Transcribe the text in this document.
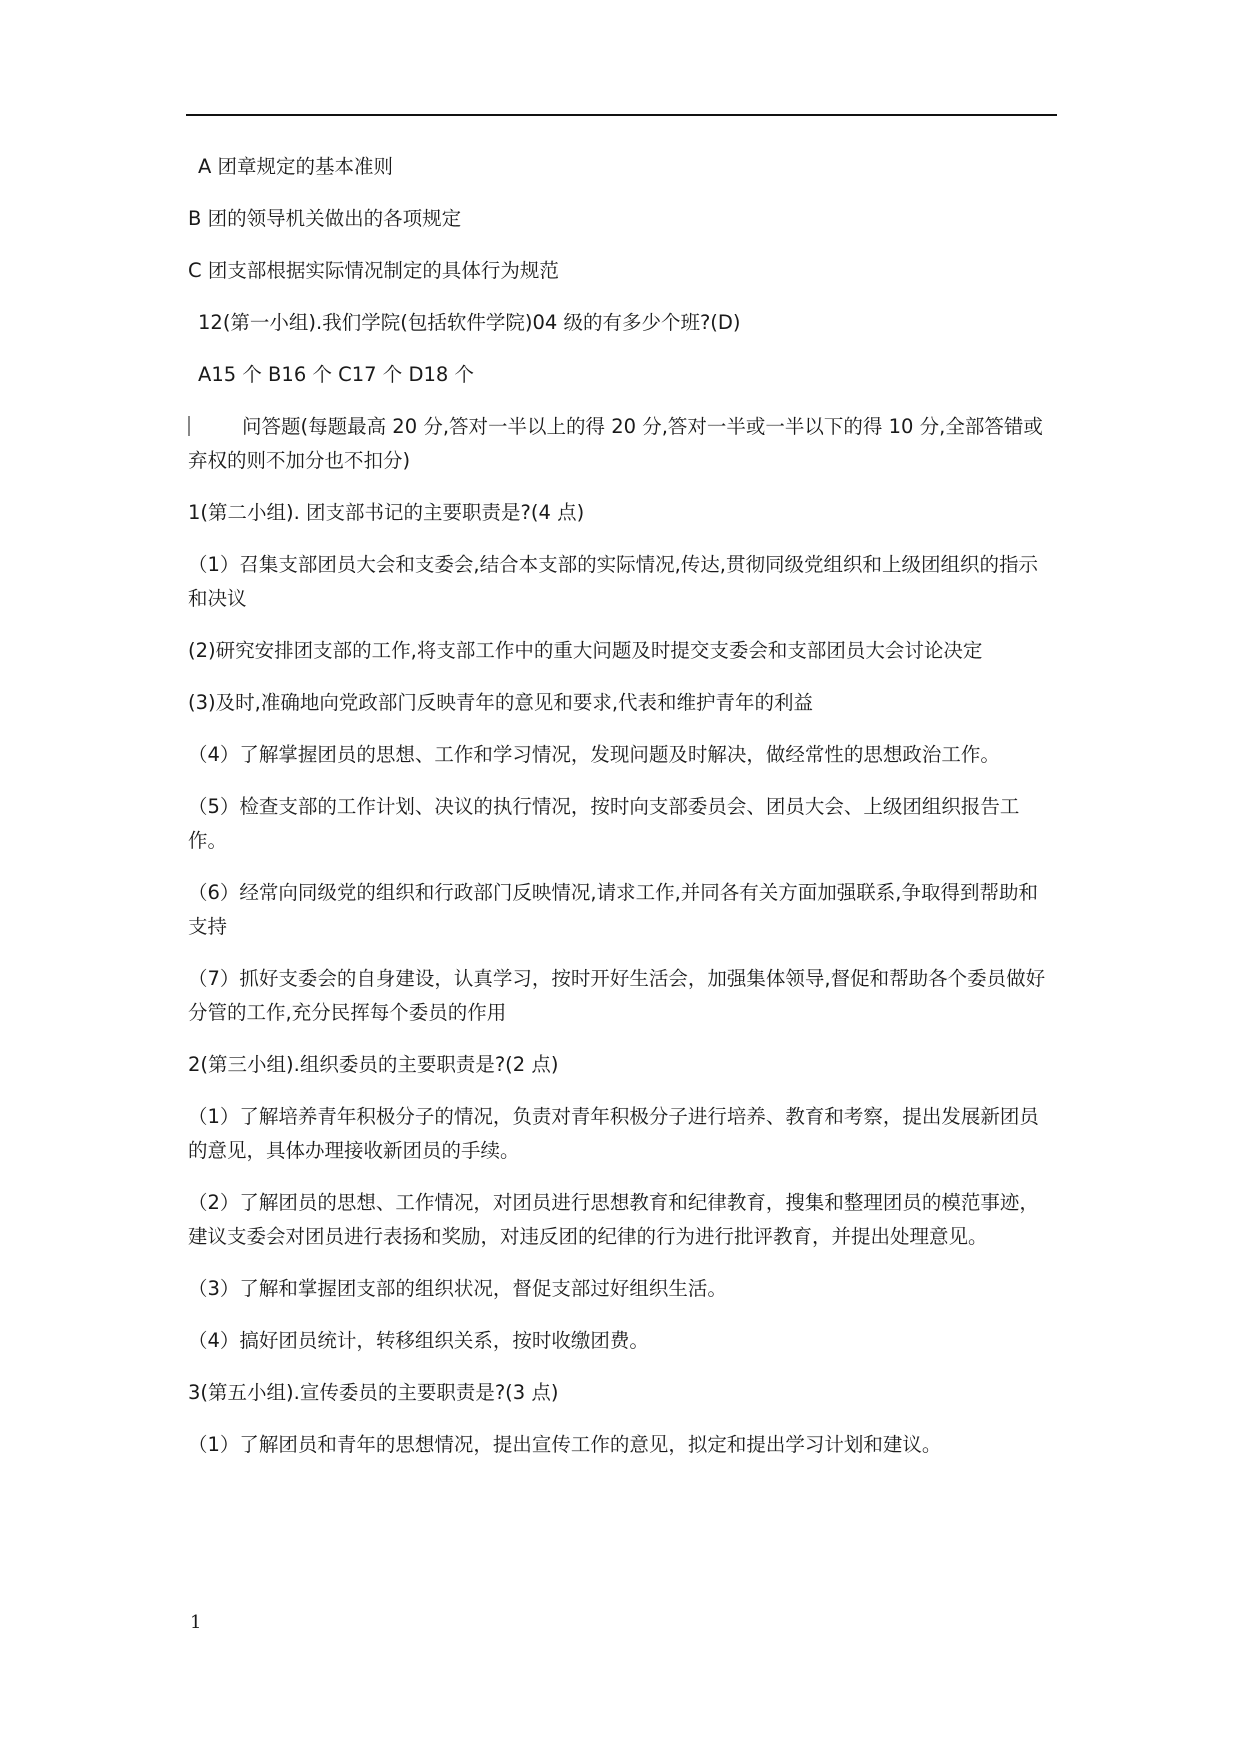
A 团章规定的基本准则

B 团的领导机关做出的各项规定

C 团支部根据实际情况制定的具体行为规范

12(第一小组).我们学院(包括软件学院)04 级的有多少个班?(D)

A15 个 B16 个 C17 个 D18 个

问答题(每题最高 20 分,答对一半以上的得 20 分,答对一半或一半以下的得 10 分,全部答错或弃权的则不加分也不扣分)

1(第二小组). 团支部书记的主要职责是?(4 点)

（1）召集支部团员大会和支委会,结合本支部的实际情况,传达,贯彻同级党组织和上级团组织的指示和决议

(2)研究安排团支部的工作,将支部工作中的重大问题及时提交支委会和支部团员大会讨论决定

(3)及时,准确地向党政部门反映青年的意见和要求,代表和维护青年的利益

（4）了解掌握团员的思想、工作和学习情况，发现问题及时解决，做经常性的思想政治工作。

（5）检查支部的工作计划、决议的执行情况，按时向支部委员会、团员大会、上级团组织报告工作。

（6）经常向同级党的组织和行政部门反映情况,请求工作,并同各有关方面加强联系,争取得到帮助和支持

（7）抓好支委会的自身建设，认真学习，按时开好生活会，加强集体领导,督促和帮助各个委员做好分管的工作,充分民挥每个委员的作用

2(第三小组).组织委员的主要职责是?(2 点)

（1）了解培养青年积极分子的情况，负责对青年积极分子进行培养、教育和考察，提出发展新团员的意见，具体办理接收新团员的手续。

（2）了解团员的思想、工作情况，对团员进行思想教育和纪律教育，搜集和整理团员的模范事迹，建议支委会对团员进行表扬和奖励，对违反团的纪律的行为进行批评教育，并提出处理意见。

（3）了解和掌握团支部的组织状况，督促支部过好组织生活。

（4）搞好团员统计，转移组织关系，按时收缴团费。

3(第五小组).宣传委员的主要职责是?(3 点)

（1）了解团员和青年的思想情况，提出宣传工作的意见，拟定和提出学习计划和建议。

1
